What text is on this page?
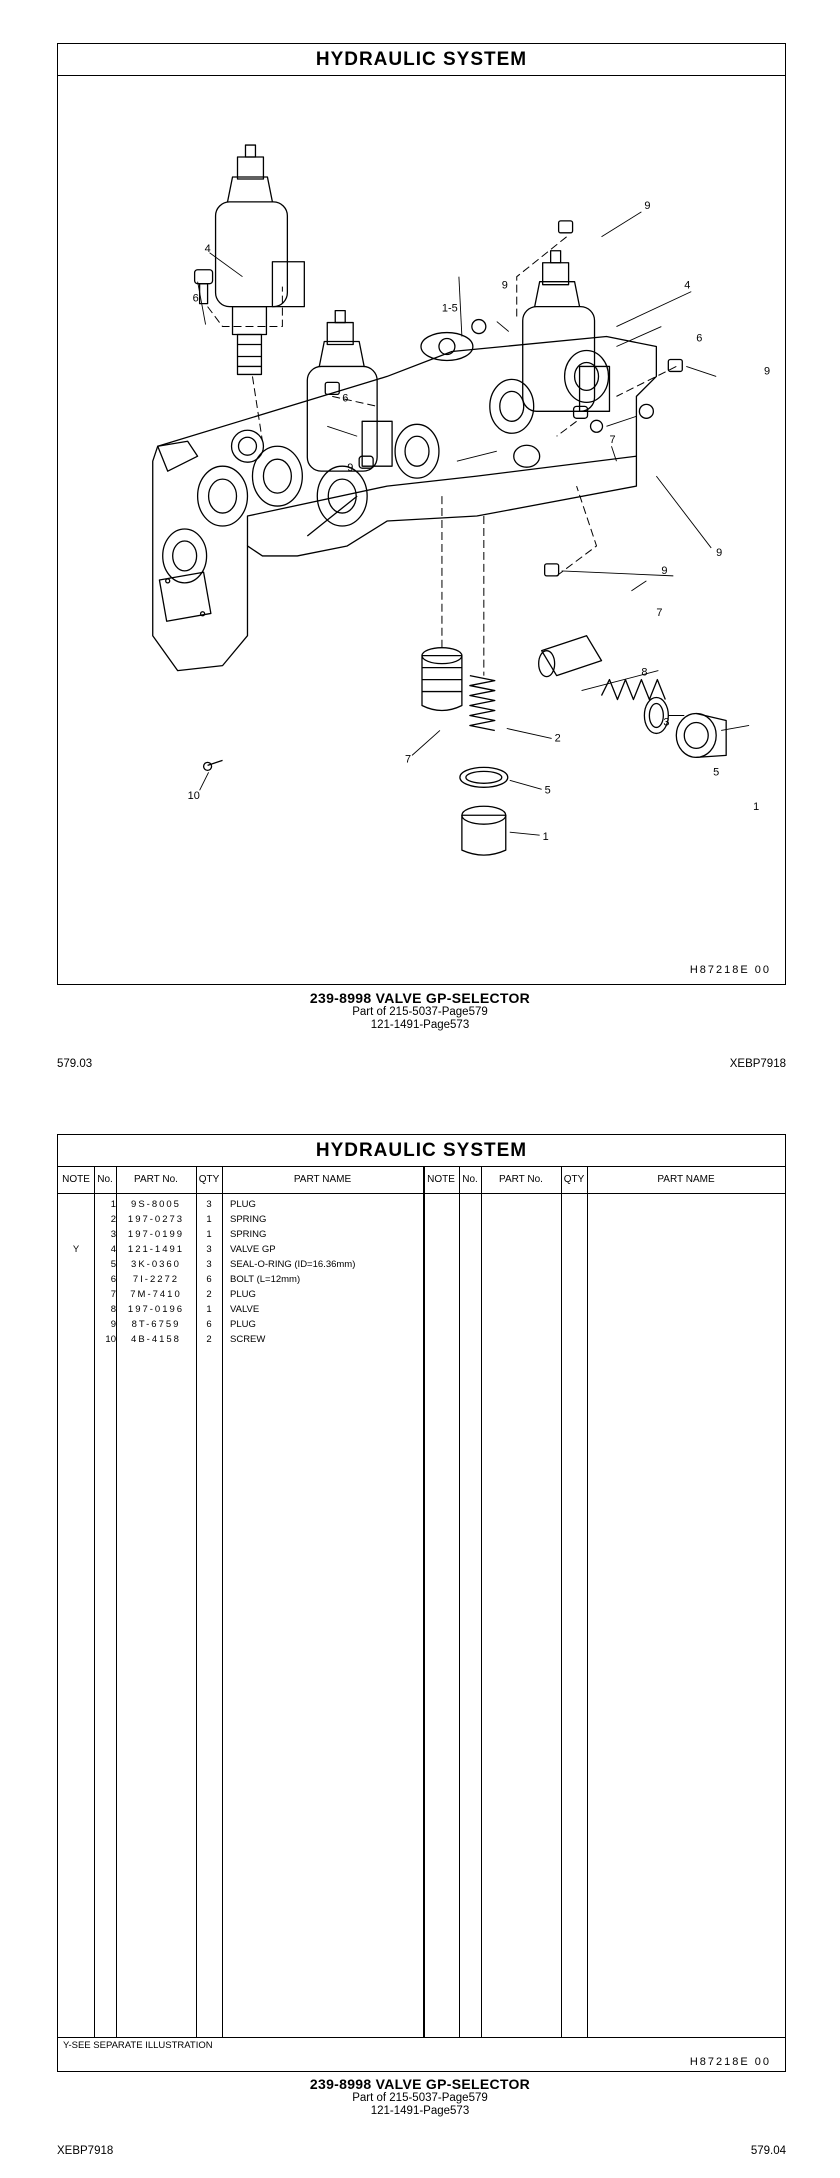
HYDRAULIC SYSTEM
4
6
1-5
9
9
4
6
9
9
9
6
7
9
7
8
3
5
1
7
2
5
1
10
H87218E 00
239-8998 VALVE GP-SELECTOR
Part of 215-5037-Page579
121-1491-Page573
579.03	XEBP7918
HYDRAULIC SYSTEM
NOTE No.	PART No.	QTY	PART NAME	NOTE No.	PART No.	QTY	PART NAME
1	9S-8005	3	PLUG
2	197-0273	1	SPRING
3	197-0199	1	SPRING
Y	4	121-1491	3	VALVE GP
5	3K-0360	3	SEAL-O-RING (ID=16.36mm)
6	7I-2272	6	BOLT (L=12mm)
7	7M-7410	2	PLUG
8	197-0196	1	VALVE
9	8T-6759	6	PLUG
10	4B-4158	2	SCREW
Y-SEE SEPARATE ILLUSTRATION
H87218E 00
239-8998 VALVE GP-SELECTOR
Part of 215-5037-Page579
121-1491-Page573
XEBP7918	579.04
